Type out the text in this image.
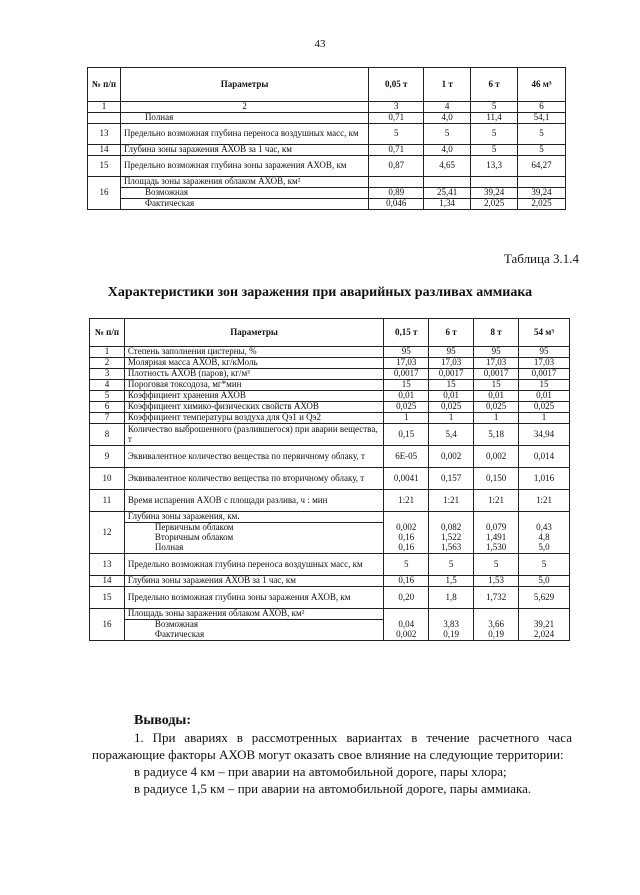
43
№ п/п	Параметры	0,05 т	1 т	6 т	46 м³
1	2	3	4	5	6
	Полная	0,71	4,0	11,4	54,1
13	Предельно возможная глубина переноса воздушных масс, км	5	5	5	5
14	Глубина зоны заражения АХОВ за 1 час, км	0,71	4,0	5	5
15	Предельно возможная глубина зоны заражения АХОВ, км	0,87	4,65	13,3	64,27
16	Площадь зоны заражения облаком АХОВ, км²				
	Возможная	0,89	25,41	39,24	39,24
	Фактическая	0,046	1,34	2,025	2,025
Таблица 3.1.4
Характеристики зон заражения при аварийных разливах аммиака
№ п/п	Параметры	0,15 т	6 т	8 т	54 м³
1	Степень заполнения цистерны, %	95	95	95	95
2	Молярная масса АХОВ, кг/кМоль	17,03	17,03	17,03	17,03
3	Плотность АХОВ (паров), кг/м³	0,0017	0,0017	0,0017	0,0017
4	Пороговая токсодоза, мг*мин	15	15	15	15
5	Коэффициент хранения АХОВ	0,01	0,01	0,01	0,01
6	Коэффициент химико-физических свойств АХОВ	0,025	0,025	0,025	0,025
7	Коэффициент температуры воздуха для Qэ1 и Qэ2	1	1	1	1
8	Количество выброшенного (разлившегося) при аварии вещества, т	0,15	5,4	5,18	34,94
9	Эквивалентное количество вещества по первичному облаку, т	6E-05	0,002	0,002	0,014
10	Эквивалентное количество вещества по вторичному облаку, т	0,0041	0,157	0,150	1,016
11	Время испарения АХОВ с площади разлива, ч : мин	1:21	1:21	1:21	1:21
12	Глубина зоны заражения, км.				
	Первичным облаком	0,002	0,082	0,079	0,43
	Вторичным облаком	0,16	1,522	1,491	4,8
	Полная	0,16	1,563	1,530	5,0
13	Предельно возможная глубина переноса воздушных масс, км	5	5	5	5
14	Глубина зоны заражения АХОВ за 1 час, км	0,16	1,5	1,53	5,0
15	Предельно возможная глубина зоны заражения АХОВ, км	0,20	1,8	1,732	5,629
16	Площадь зоны заражения облаком АХОВ, км²				
	Возможная	0,04	3,83	3,66	39,21
	Фактическая	0,002	0,19	0,19	2,024
Выводы:

1. При авариях в рассмотренных вариантах в течение расчетного часа поражающие факторы АХОВ могут оказать свое влияние на следующие территории:

в радиусе 4 км – при аварии на автомобильной дороге, пары хлора;

в радиусе 1,5 км – при аварии на автомобильной дороге, пары аммиака.
